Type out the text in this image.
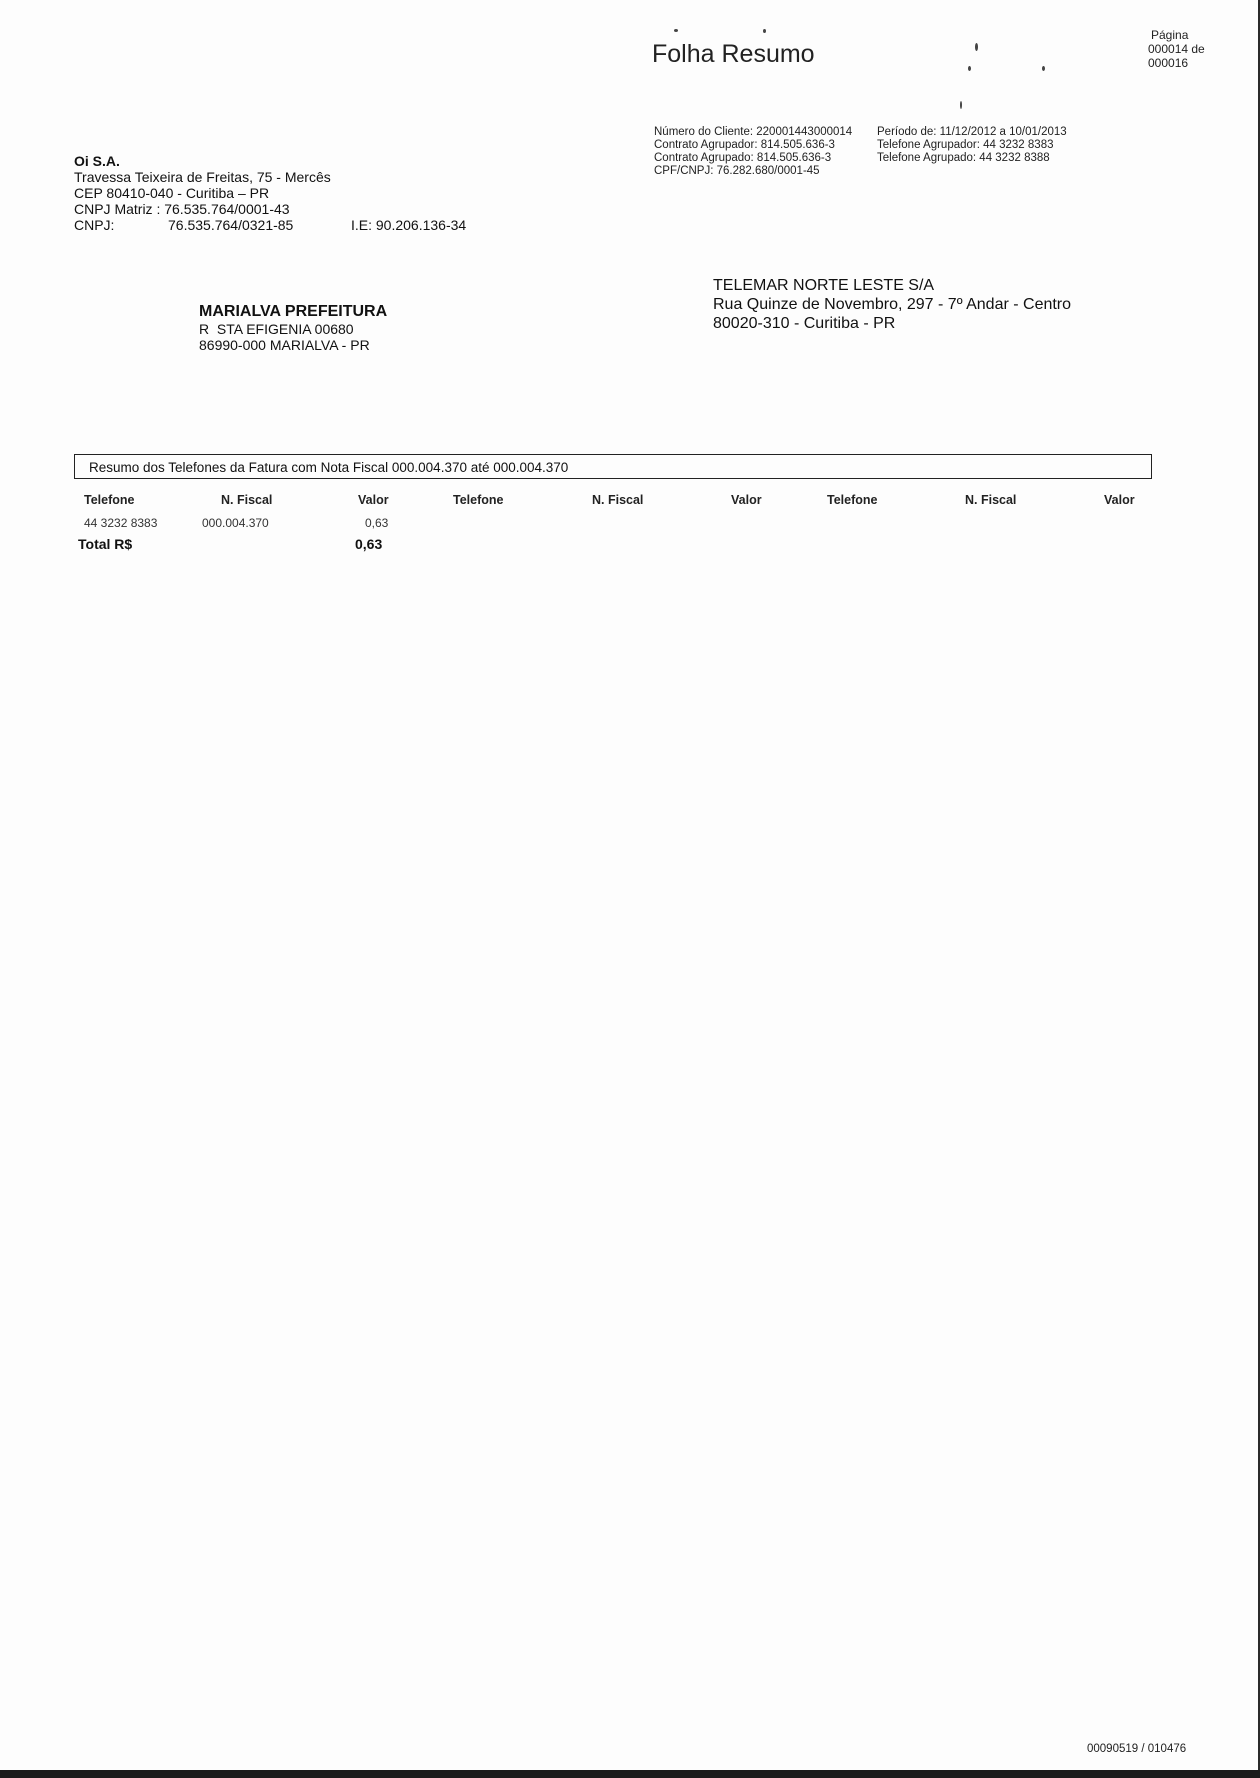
Folha Resumo
Página
000014 de
000016
Número do Cliente: 220001443000014
Contrato Agrupador: 814.505.636-3
Contrato Agrupado: 814.505.636-3
CPF/CNPJ: 76.282.680/0001-45
Período de: 11/12/2012 a 10/01/2013
Telefone Agrupador: 44 3232 8383
Telefone Agrupado: 44 3232 8388
Oi S.A.
Travessa Teixeira de Freitas, 75 - Mercês
CEP 80410-040 - Curitiba – PR
CNPJ Matriz : 76.535.764/0001-43
CNPJ:	76.535.764/0321-85	I.E: 90.206.136-34
MARIALVA PREFEITURA
R  STA EFIGENIA 00680
86990-000 MARIALVA - PR
TELEMAR NORTE LESTE S/A
Rua Quinze de Novembro, 297 - 7º Andar - Centro
80020-310 - Curitiba - PR
Resumo dos Telefones da Fatura com Nota Fiscal 000.004.370 até 000.004.370
Telefone	N. Fiscal	Valor	Telefone	N. Fiscal	Valor	Telefone	N. Fiscal	Valor
44 3232 8383	000.004.370	0,63
Total R$	0,63
00090519 / 010476
